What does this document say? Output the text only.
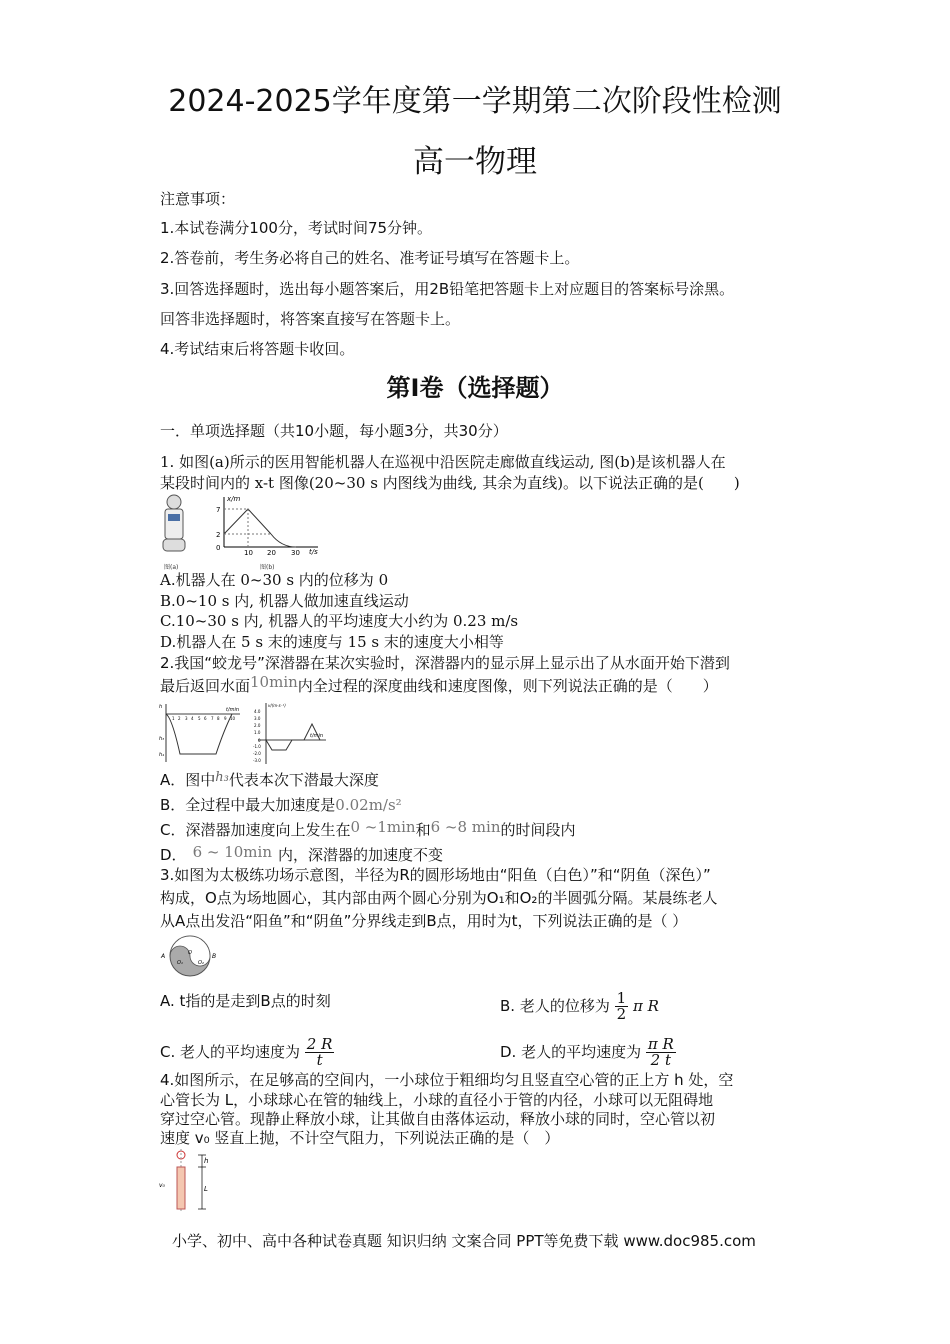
2024-2025学年度第一学期第二次阶段性检测
高一物理
注意事项：
1.本试卷满分100分，考试时间75分钟。
2.答卷前，考生务必将自己的姓名、准考证号填写在答题卡上。
3.回答选择题时，选出每小题答案后，用2B铅笔把答题卡上对应题目的答案标号涂黑。
回答非选择题时，将答案直接写在答题卡上。
4.考试结束后将答题卡收回。
第Ⅰ卷（选择题）
一．单项选择题（共10小题，每小题3分，共30分）
1. 如图(a)所示的医用智能机器人在巡视中沿医院走廊做直线运动, 图(b)是该机器人在
某段时间内的 x-t 图像(20~30 s 内图线为曲线, 其余为直线)。以下说法正确的是(　　)
图(a)
x/m
t/s
7
2
0
10 20 30
图(b)
A.机器人在 0~30 s 内的位移为 0
B.0~10 s 内, 机器人做加速直线运动
C.10~30 s 内, 机器人的平均速度大小约为 0.23 m/s
D.机器人在 5 s 末的速度与 15 s 末的速度大小相等
2.我国“蛟龙号”深潜器在某次实验时，深潜器内的显示屏上显示出了从水面开始下潜到
最后返回水面10min内全过程的深度曲线和速度图像，则下列说法正确的是（　　）
h	t/min
1 2 3 4 5 6 7 8 9 10
h₃
h₄
v/(m·s⁻¹)
t/min
4.0
3.0
2.0
1.0
0
-1.0
-2.0
-3.0
A．图中h₃代表本次下潜最大深度
B．全过程中最大加速度是0.02m/s²
C．深潜器加速度向上发生在0 ~1min和6 ~8 min的时间段内
D． 6 ~ 10min 内，深潜器的加速度不变
3.如图为太极练功场示意图，半径为R的圆形场地由“阳鱼（白色）”和“阴鱼（深色）”
构成，O点为场地圆心，其内部由两个圆心分别为O₁和O₂的半圆弧分隔。某晨练老人
从A点出发沿“阳鱼”和“阴鱼”分界线走到B点，用时为t，下列说法正确的是（ ）
A	B
O₁
O
O₂
A. t指的是走到B点的时刻	B. 老人的位移为 $\frac{1}{2}$ π R
C. 老人的平均速度为 $\frac{2 R}{t}$	D. 老人的平均速度为 $\frac{\text{π R}}{2 t}$
4.如图所示，在足够高的空间内，一小球位于粗细均匀且竖直空心管的正上方 h 处，空
心管长为 L，小球球心在管的轴线上，小球的直径小于管的内径，小球可以无阻碍地
穿过空心管。现静止释放小球，让其做自由落体运动，释放小球的同时，空心管以初
速度 v₀ 竖直上抛，不计空气阻力，下列说法正确的是（　）
h
L
v₀
小学、初中、高中各种试卷真题 知识归纳 文案合同 PPT等免费下载 www.doc985.com
